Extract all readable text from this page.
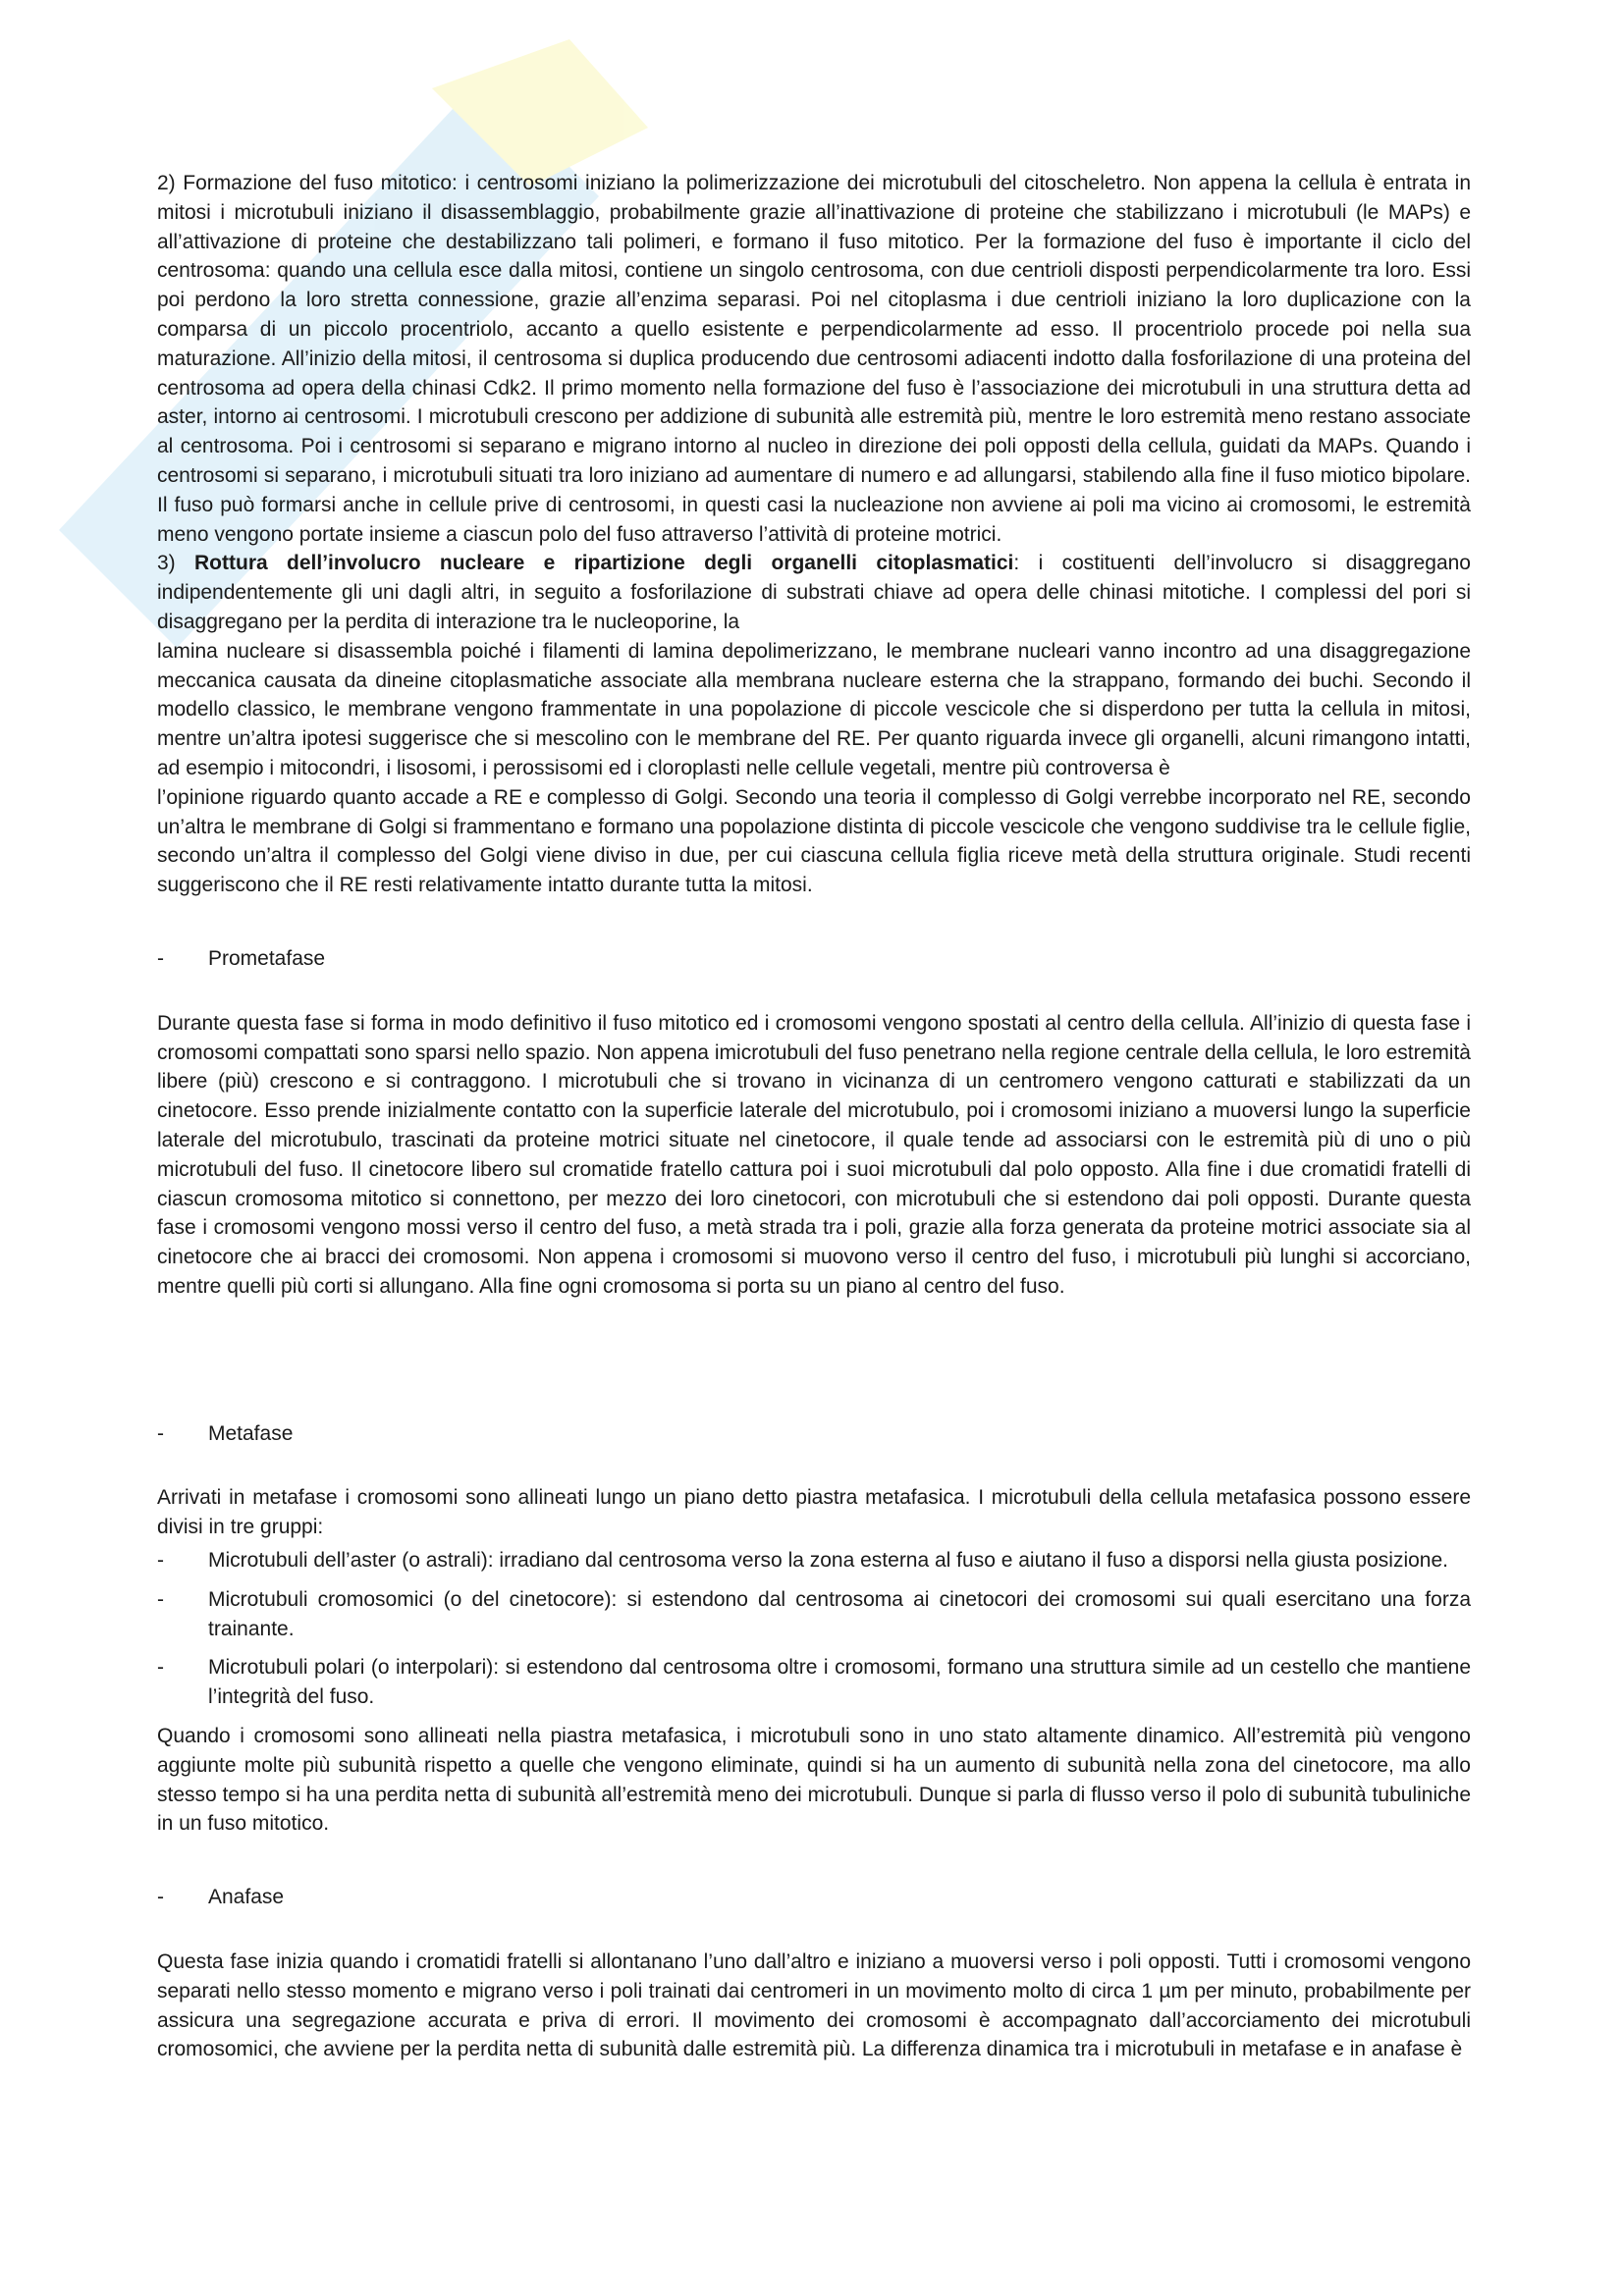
2) Formazione del fuso mitotico: i centrosomi iniziano la polimerizzazione dei microtubuli del citoscheletro. Non appena la cellula è entrata in mitosi i microtubuli iniziano il disassemblaggio, probabilmente grazie all’inattivazione di proteine che stabilizzano i microtubuli (le MAPs) e all’attivazione di proteine che destabilizzano tali polimeri, e formano il fuso mitotico. Per la formazione del fuso è importante il ciclo del centrosoma: quando una cellula esce dalla mitosi, contiene un singolo centrosoma, con due centrioli disposti perpendicolarmente tra loro. Essi poi perdono la loro stretta connessione, grazie all’enzima separasi. Poi nel citoplasma i due centrioli iniziano la loro duplicazione con la comparsa di un piccolo procentriolo, accanto a quello esistente e perpendicolarmente ad esso. Il procentriolo procede poi nella sua maturazione. All’inizio della mitosi, il centrosoma si duplica producendo due centrosomi adiacenti indotto dalla fosforilazione di una proteina del centrosoma ad opera della chinasi Cdk2. Il primo momento nella formazione del fuso è l’associazione dei microtubuli in una struttura detta ad aster, intorno ai centrosomi. I microtubuli crescono per addizione di subunità alle estremità più, mentre le loro estremità meno restano associate al centrosoma. Poi i centrosomi si separano e migrano intorno al nucleo in direzione dei poli opposti della cellula, guidati da MAPs. Quando i centrosomi si separano, i microtubuli situati tra loro iniziano ad aumentare di numero e ad allungarsi, stabilendo alla fine il fuso miotico bipolare. Il fuso può formarsi anche in cellule prive di centrosomi, in questi casi la nucleazione non avviene ai poli ma vicino ai cromosomi, le estremità meno vengono portate insieme a ciascun polo del fuso attraverso l’attività di proteine motrici.

3) Rottura dell’involucro nucleare e ripartizione degli organelli citoplasmatici: i costituenti dell’involucro si disaggregano indipendentemente gli uni dagli altri, in seguito a fosforilazione di substrati chiave ad opera delle chinasi mitotiche. I complessi del pori si disaggregano per la perdita di interazione tra le nucleoporine, la

lamina nucleare si disassembla poiché i filamenti di lamina depolimerizzano, le membrane nucleari vanno incontro ad una disaggregazione meccanica causata da dineine citoplasmatiche associate alla membrana nucleare esterna che la strappano, formando dei buchi. Secondo il modello classico, le membrane vengono frammentate in una popolazione di piccole vescicole che si disperdono per tutta la cellula in mitosi, mentre un’altra ipotesi suggerisce che si mescolino con le membrane del RE. Per quanto riguarda invece gli organelli, alcuni rimangono intatti, ad esempio i mitocondri, i lisosomi, i perossisomi ed i cloroplasti nelle cellule vegetali, mentre più controversa è

l’opinione riguardo quanto accade a RE e complesso di Golgi. Secondo una teoria il complesso di Golgi verrebbe incorporato nel RE, secondo un’altra le membrane di Golgi si frammentano e formano una popolazione distinta di piccole vescicole che vengono suddivise tra le cellule figlie, secondo un’altra il complesso del Golgi viene diviso in due, per cui ciascuna cellula figlia riceve metà della struttura originale. Studi recenti suggeriscono che il RE resti relativamente intatto durante tutta la mitosi.

-	Prometafase

Durante questa fase si forma in modo definitivo il fuso mitotico ed i cromosomi vengono spostati al centro della cellula. All’inizio di questa fase i cromosomi compattati sono sparsi nello spazio. Non appena imicrotubuli del fuso penetrano nella regione centrale della cellula, le loro estremità libere (più) crescono e si contraggono. I microtubuli che si trovano in vicinanza di un centromero vengono catturati e stabilizzati da un cinetocore. Esso prende inizialmente contatto con la superficie laterale del microtubulo, poi i cromosomi iniziano a muoversi lungo la superficie laterale del microtubulo, trascinati da proteine motrici situate nel cinetocore, il quale tende ad associarsi con le estremità più di uno o più microtubuli del fuso. Il cinetocore libero sul cromatide fratello cattura poi i suoi microtubuli dal polo opposto. Alla fine i due cromatidi fratelli di ciascun cromosoma mitotico si connettono, per mezzo dei loro cinetocori, con microtubuli che si estendono dai poli opposti. Durante questa fase i cromosomi vengono mossi verso il centro del fuso, a metà strada tra i poli, grazie alla forza generata da proteine motrici associate sia al cinetocore che ai bracci dei cromosomi. Non appena i cromosomi si muovono verso il centro del fuso, i microtubuli più lunghi si accorciano, mentre quelli più corti si allungano. Alla fine ogni cromosoma si porta su un piano al centro del fuso.

-	Metafase

Arrivati in metafase i cromosomi sono allineati lungo un piano detto piastra metafasica. I microtubuli della cellula metafasica possono essere divisi in tre gruppi:

-	Microtubuli dell’aster (o astrali): irradiano dal centrosoma verso la zona esterna al fuso e aiutano il fuso a disporsi nella giusta posizione.
-	Microtubuli cromosomici (o del cinetocore): si estendono dal centrosoma ai cinetocori dei cromosomi sui quali esercitano una forza trainante.
-	Microtubuli polari (o interpolari): si estendono dal centrosoma oltre i cromosomi, formano una struttura simile ad un cestello che mantiene l’integrità del fuso.

Quando i cromosomi sono allineati nella piastra metafasica, i microtubuli sono in uno stato altamente dinamico. All’estremità più vengono aggiunte molte più subunità rispetto a quelle che vengono eliminate, quindi si ha un aumento di subunità nella zona del cinetocore, ma allo stesso tempo si ha una perdita netta di subunità all’estremità meno dei microtubuli. Dunque si parla di flusso verso il polo di subunità tubuliniche in un fuso mitotico.

-	Anafase

Questa fase inizia quando i cromatidi fratelli si allontanano l’uno dall’altro e iniziano a muoversi verso i poli opposti. Tutti i cromosomi vengono separati nello stesso momento e migrano verso i poli trainati dai centromeri in un movimento molto di circa 1 µm per minuto, probabilmente per assicura una segregazione accurata e priva di errori. Il movimento dei cromosomi è accompagnato dall’accorciamento dei microtubuli cromosomici, che avviene per la perdita netta di subunità dalle estremità più. La differenza dinamica tra i microtubuli in metafase e in anafase è
